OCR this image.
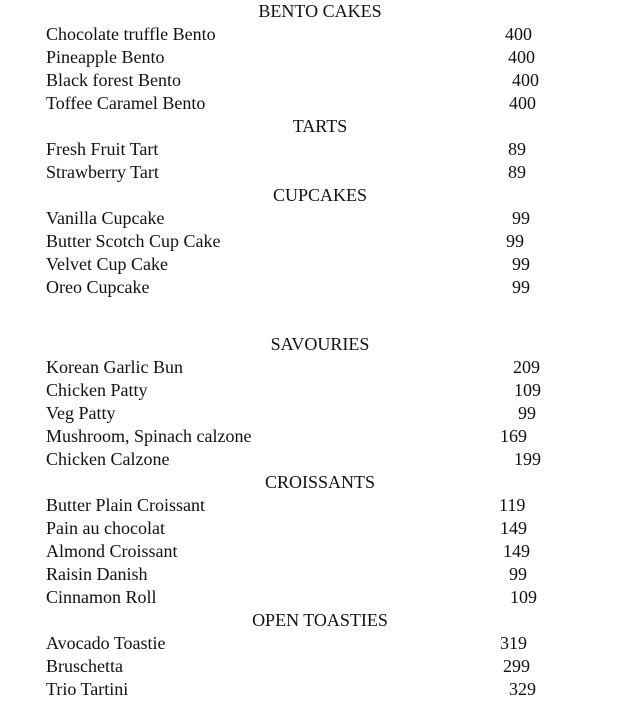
BENTO CAKES
Chocolate truffle Bento	400
Pineapple Bento	400
Black forest Bento	400
Toffee Caramel Bento	400
TARTS
Fresh Fruit Tart	89
Strawberry Tart	89
CUPCAKES
Vanilla Cupcake	99
Butter Scotch Cup Cake	99
Velvet Cup Cake	99
Oreo Cupcake	99
SAVOURIES
Korean Garlic Bun	209
Chicken Patty	109
Veg Patty	99
Mushroom, Spinach calzone	169
Chicken Calzone	199
CROISSANTS
Butter Plain Croissant	119
Pain au chocolat	149
Almond Croissant	149
Raisin Danish	99
Cinnamon Roll	109
OPEN TOASTIES
Avocado Toastie	319
Bruschetta	299
Trio Tartini	329
